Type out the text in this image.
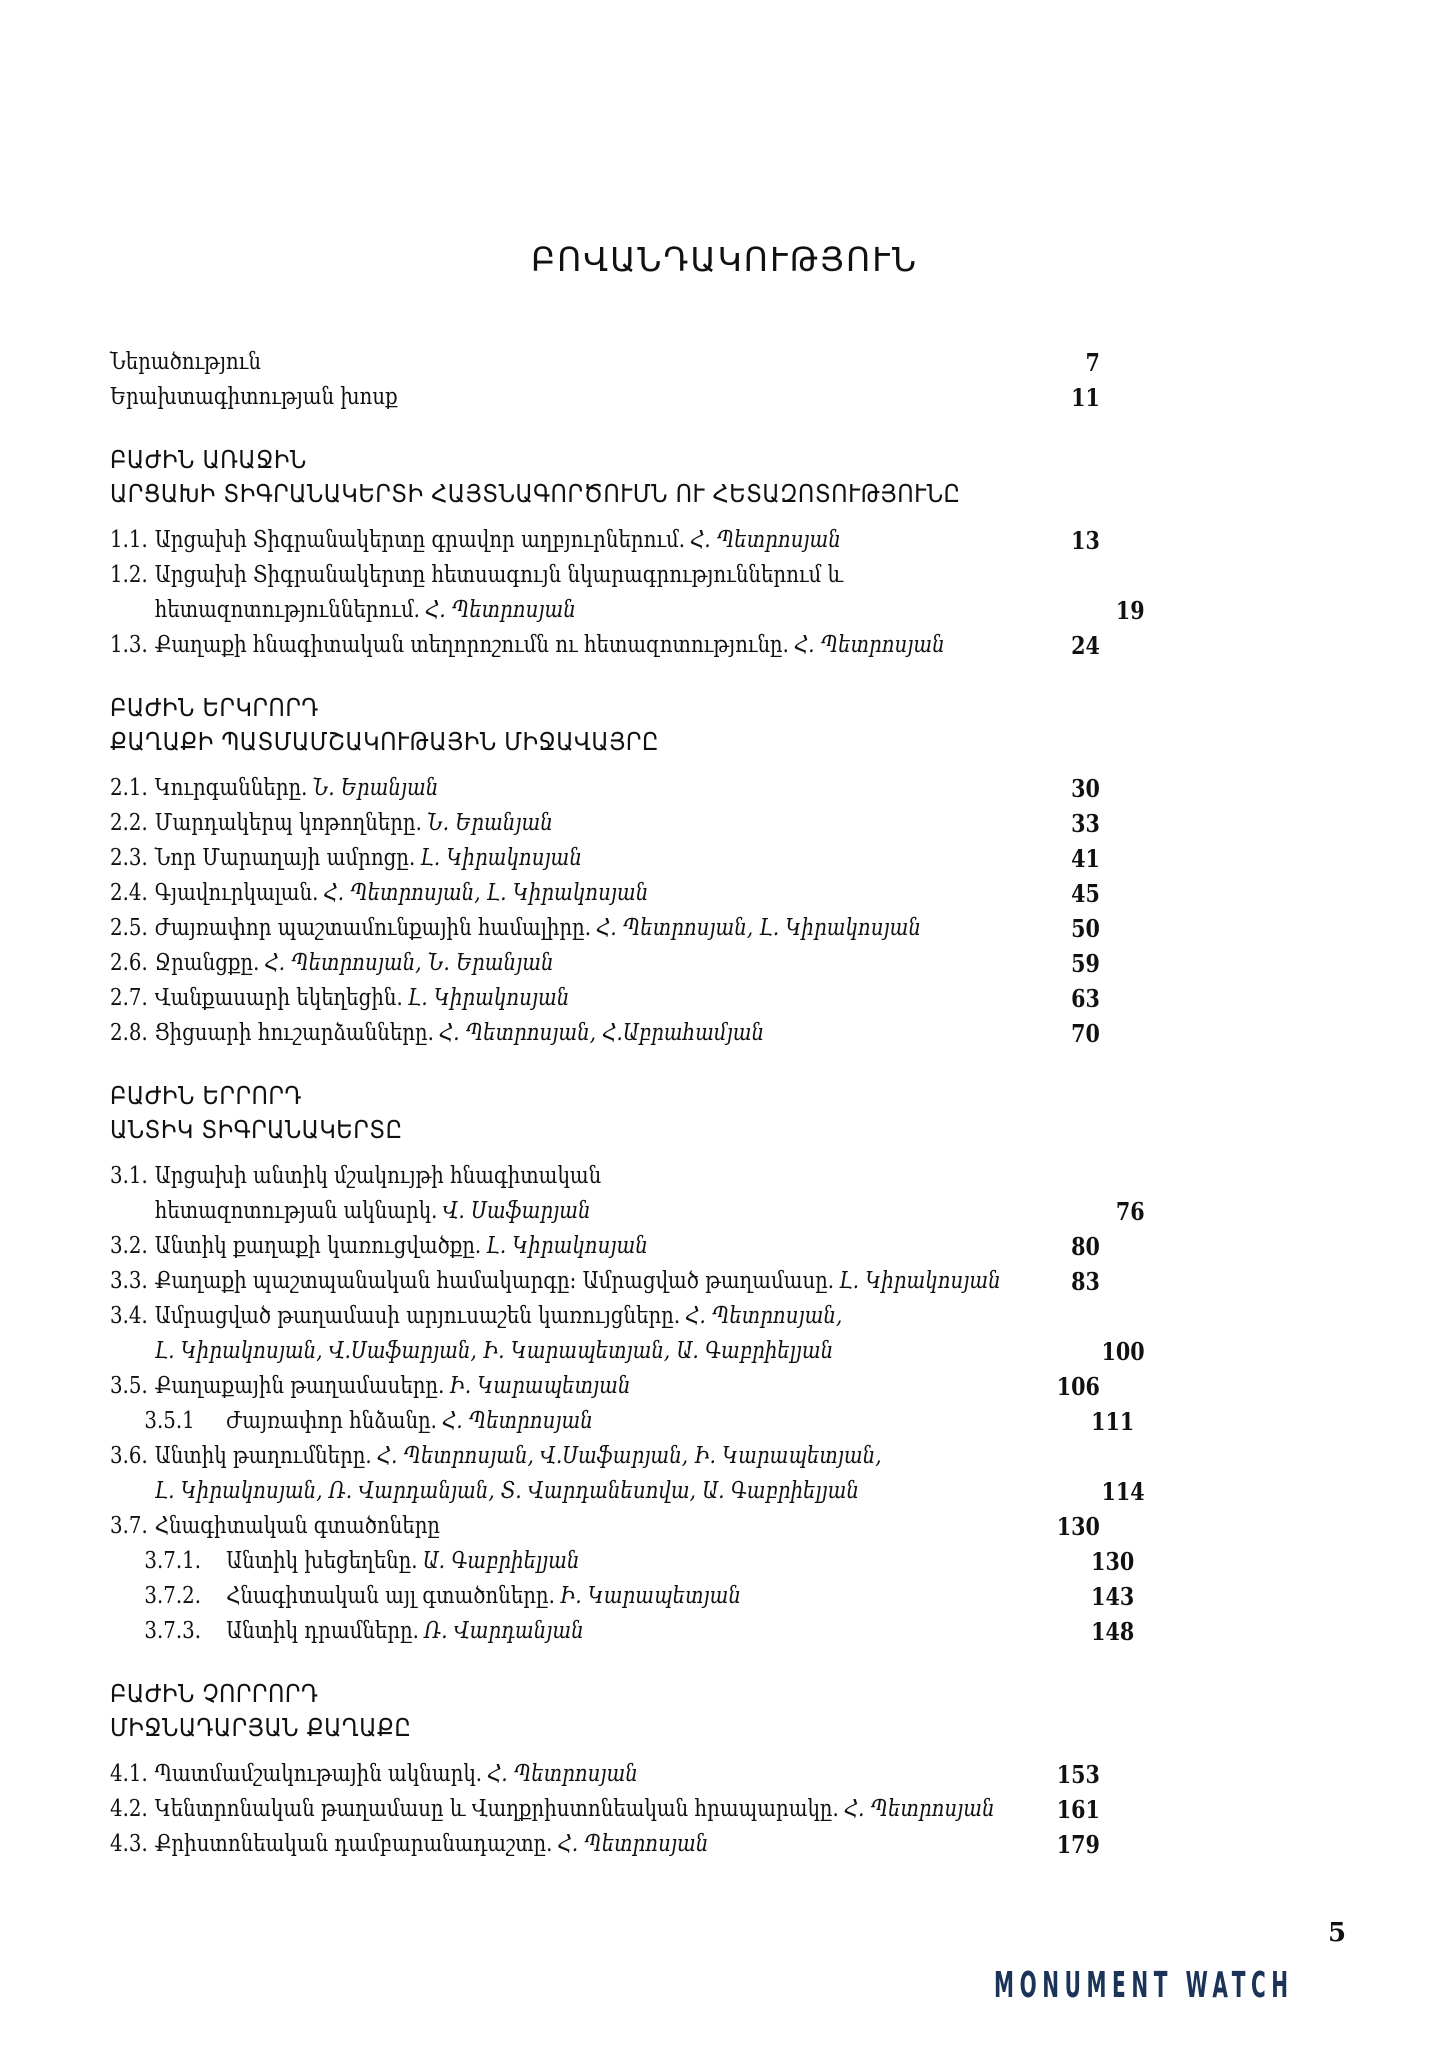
ԲՈՎԱՆԴԱԿՈՒԹՅՈՒՆ
Ներածություն	7
Երախտագիտության խոսք	11
ԲԱԺԻՆ ԱՌԱՋԻՆ
ԱՐՑԱԽԻ ՏԻԳՐԱՆԱԿԵՐՏԻ ՀԱՅՏՆԱԳՈՐԾՈՒՄՆ ՈՒ ՀԵՏԱԶՈՏՈՒԹՅՈՒՆԸ
1.1. Արցախի Տիգրանակերտը գրավոր աղբյուրներում. Հ. Պետրոսյան	13
1.2. Արցախի Տիգրանակերտը հետսագույն նկարագրություններում և
հետազոտություններում. Հ. Պետրոսյան	19
1.3. Քաղաքի հնագիտական տեղորոշումն ու հետազոտությունը. Հ. Պետրոսյան	24
ԲԱԺԻՆ ԵՐԿՐՈՐԴ
ՔԱՂԱՔԻ ՊԱՏՄԱՄՇԱԿՈՒԹԱՅԻՆ ՄԻՋԱՎԱՅՐԸ
2.1. Կուրգանները. Ն. Երանյան	30
2.2. Մարդակերպ կոթողները. Ն. Երանյան	33
2.3. Նոր Մարաղայի ամրոցը. Լ. Կիրակոսյան	41
2.4. Գյավուրկալան. Հ. Պետրոսյան, Լ. Կիրակոսյան	45
2.5. Ժայռափոր պաշտամունքային համալիրը. Հ. Պետրոսյան, Լ. Կիրակոսյան	50
2.6. Ջրանցքը. Հ. Պետրոսյան, Ն. Երանյան	59
2.7. Վանքասարի եկեղեցին. Լ. Կիրակոսյան	63
2.8. Ցիցսարի հուշարձանները. Հ. Պետրոսյան, Հ.Աբրահամյան	70
ԲԱԺԻՆ ԵՐՐՈՐԴ
ԱՆՏԻԿ ՏԻԳՐԱՆԱԿԵՐՏԸ
3.1. Արցախի անտիկ մշակույթի հնագիտական
հետազոտության ակնարկ. Վ. Սաֆարյան	76
3.2. Անտիկ քաղաքի կառուցվածքը. Լ. Կիրակոսյան	80
3.3. Քաղաքի պաշտպանական համակարգը: Ամրացված թաղամասը. Լ. Կիրակոսյան	83
3.4. Ամրացված թաղամասի արյուսաշեն կառույցները. Հ. Պետրոսյան,
Լ. Կիրակոսյան, Վ.Սաֆարյան, Ի. Կարապետյան, Ա. Գաբրիելյան	100
3.5. Քաղաքային թաղամասերը. Ի. Կարապետյան	106
3.5.1	Ժայռափոր հնձանը. Հ. Պետրոսյան	111
3.6. Անտիկ թաղումները. Հ. Պետրոսյան, Վ.Սաֆարյան, Ի. Կարապետյան,
Լ. Կիրակոսյան, Ռ. Վարդանյան, Տ. Վարդանեսովա, Ա. Գաբրիելյան	114
3.7. Հնագիտական գտածոները	130
3.7.1.	Անտիկ խեցեղենը. Ա. Գաբրիելյան	130
3.7.2.	Հնագիտական այլ գտածոները. Ի. Կարապետյան	143
3.7.3.	Անտիկ դրամները. Ռ. Վարդանյան	148
ԲԱԺԻՆ ՉՈՐՐՈՐԴ
ՄԻՋՆԱԴԱՐՅԱՆ ՔԱՂԱՔԸ
4.1. Պատմամշակութային ակնարկ. Հ. Պետրոսյան	153
4.2. Կենտրոնական թաղամասը և Վաղքրիստոնեական հրապարակը. Հ. Պետրոսյան	161
4.3. Քրիստոնեական դամբարանադաշտը. Հ. Պետրոսյան	179
5
MONUMENT WATCH
